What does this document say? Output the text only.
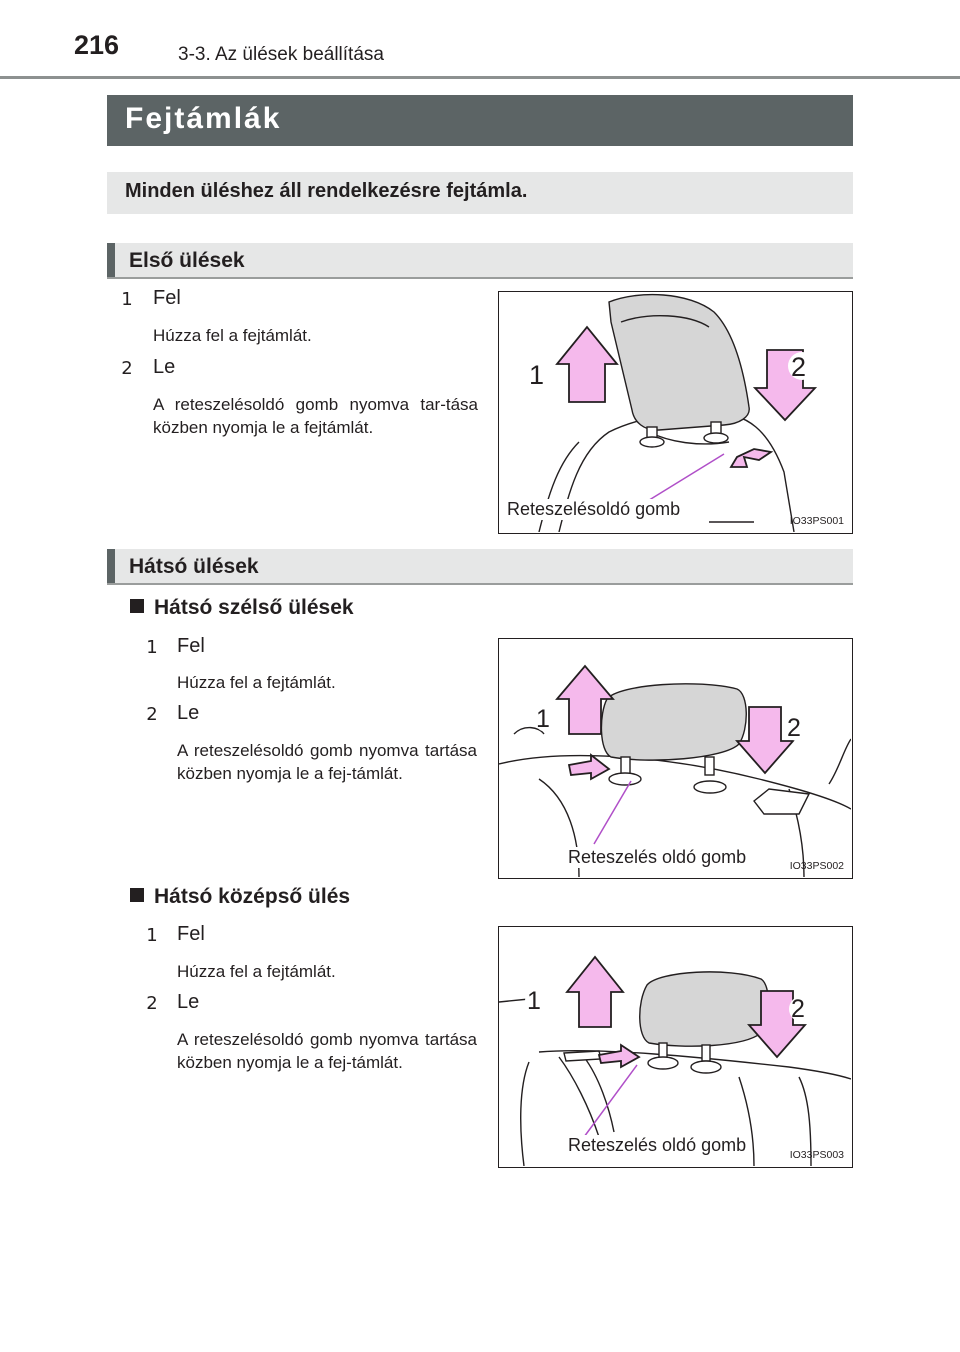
216	3-3. Az ülések beállítása
Fejtámlák
Minden üléshez áll rendelkezésre fejtámla.
Első ülések
1	Fel
Húzza fel a fejtámlát.
2	Le
A reteszelésoldó gomb nyomva tar-tása közben nyomja le a fejtámlát.
1	2
Reteszelésoldó gomb
IO33PS001
Hátsó ülések
Hátsó szélső ülések
1 Fel
Húzza fel a fejtámlát.
2 Le
A reteszelésoldó gomb nyomva tartása közben nyomja le a fej-támlát.
1	2
Reteszelés oldó gomb	IO33PS002
Hátsó középső ülés
1 Fel
Húzza fel a fejtámlát.
2 Le
A reteszelésoldó gomb nyomva tartása közben nyomja le a fej-támlát.
1	2
Reteszelés oldó gomb	IO33PS003
